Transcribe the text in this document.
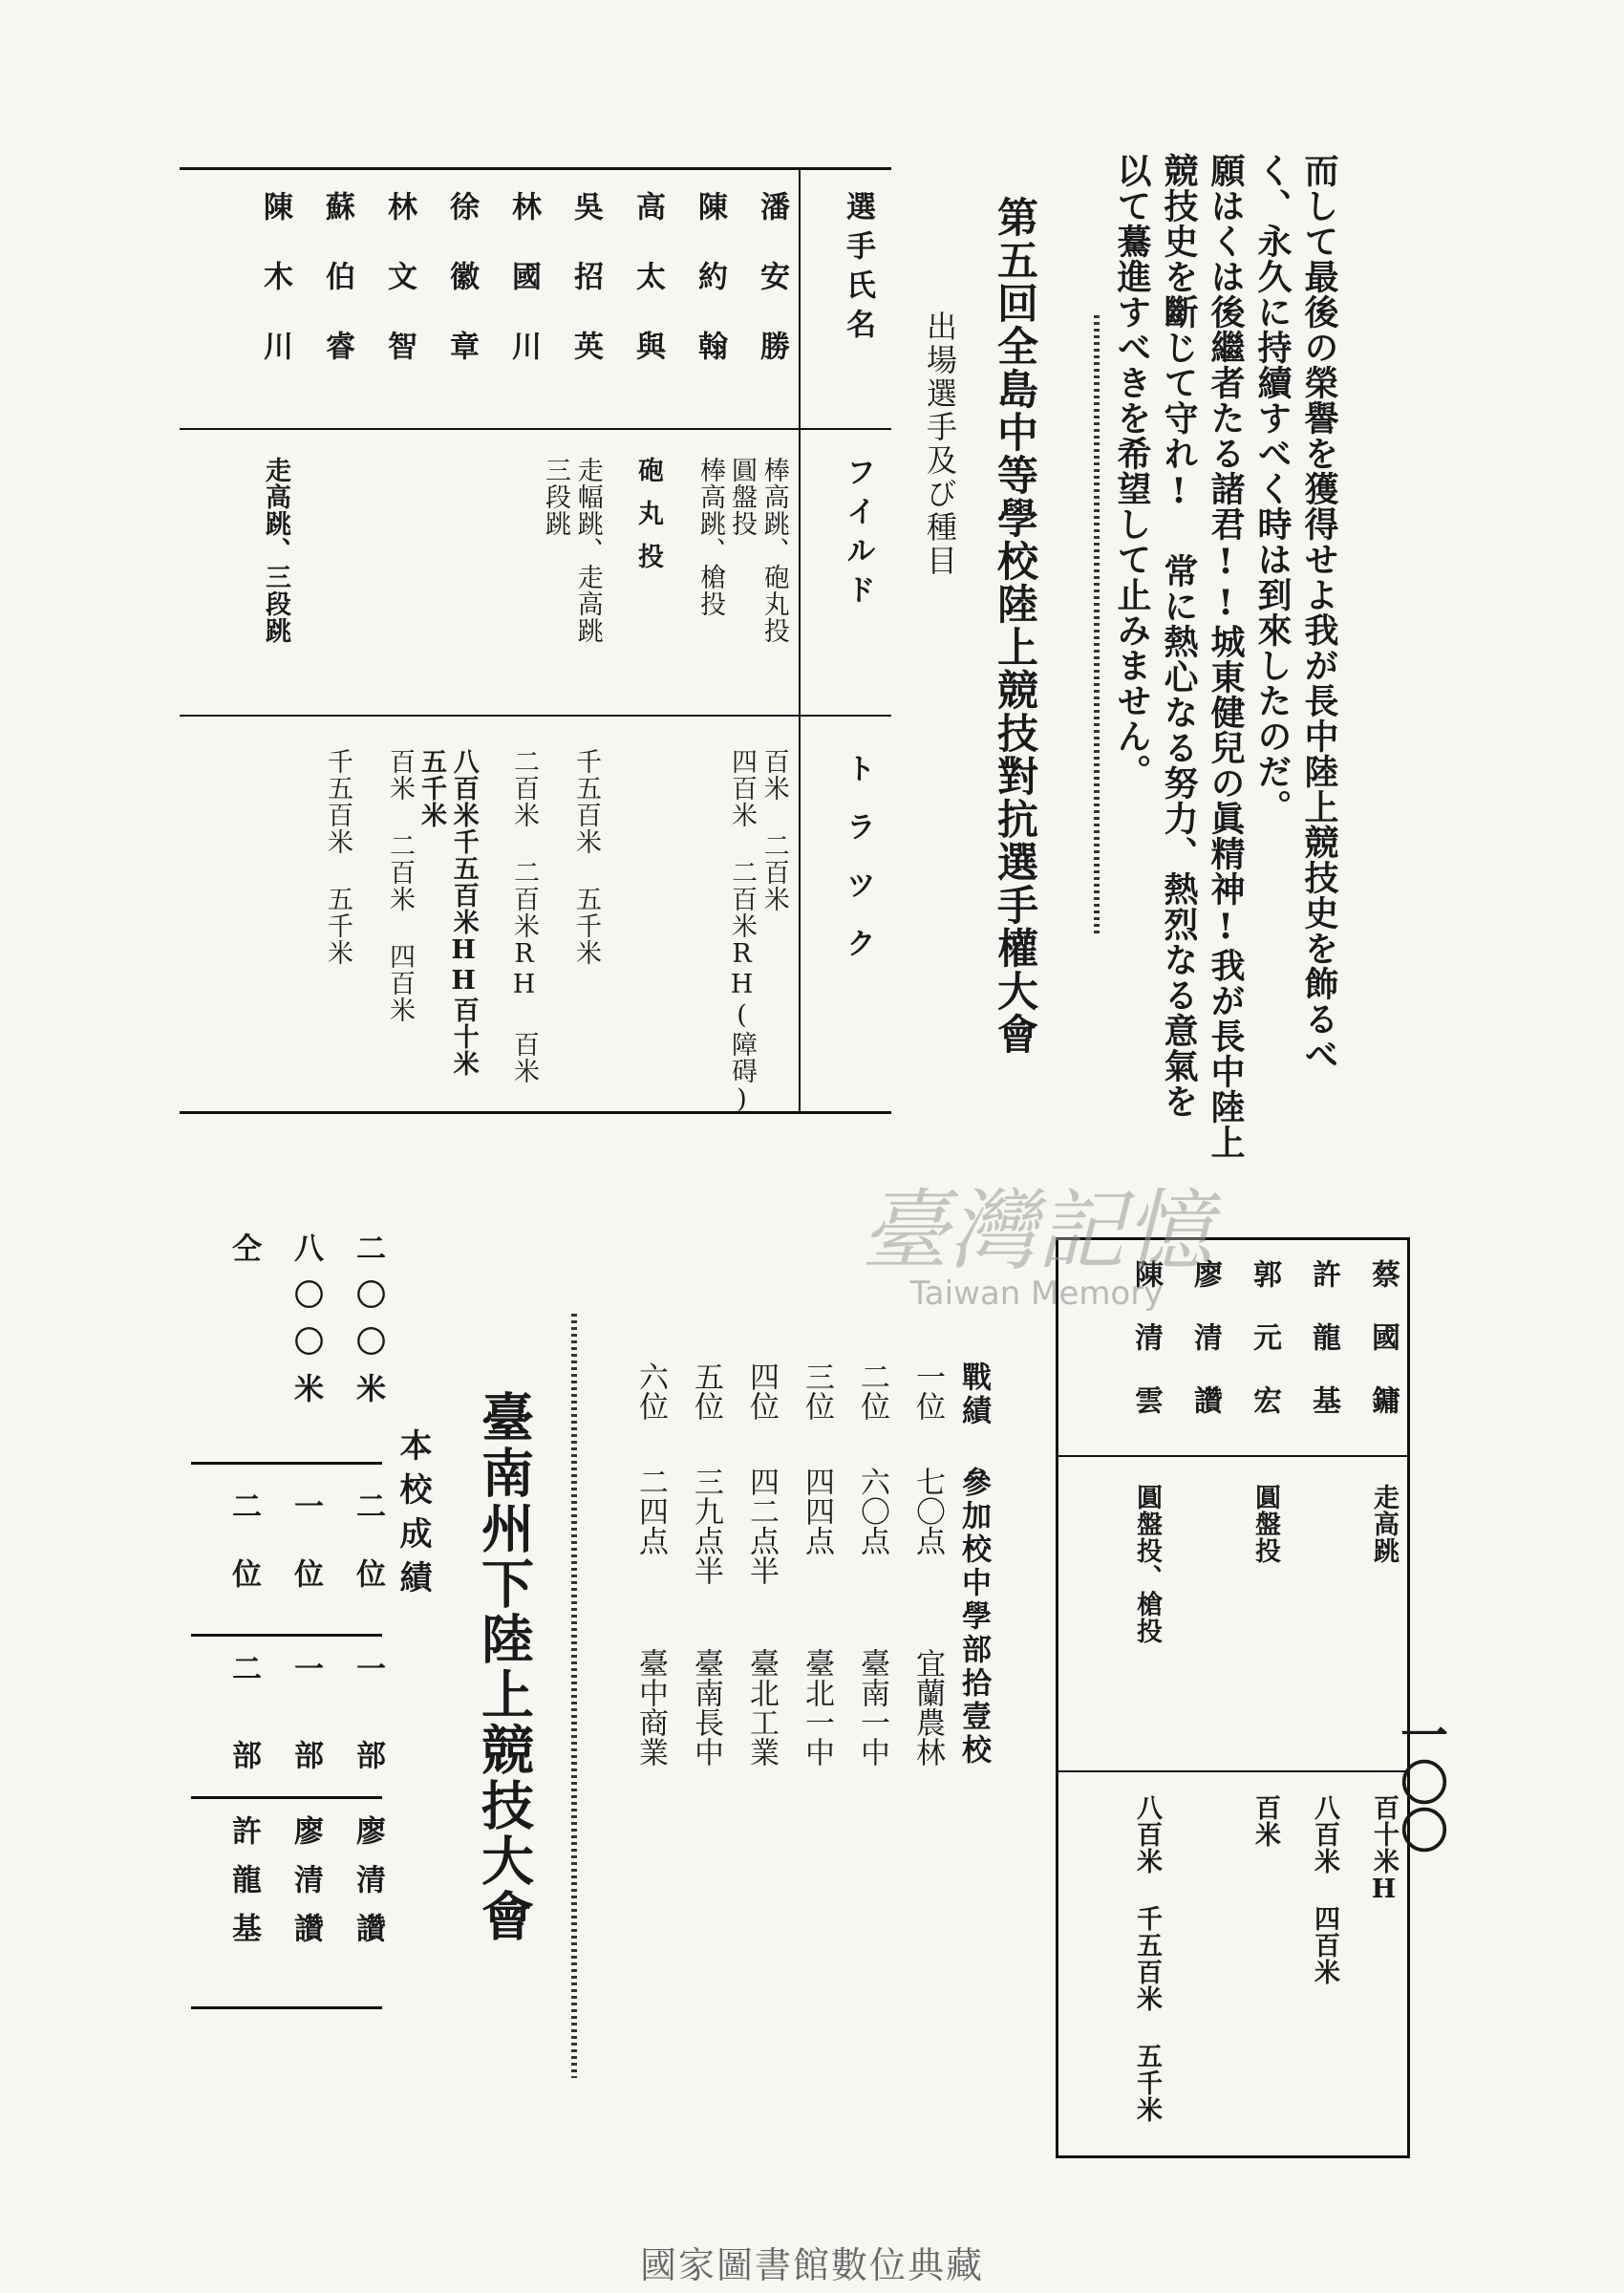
而して最後の榮譽を獲得せよ我が長中陸上競技史を飾るべ

く、永久に持續すべく時は到來したのだ。

願はくは後繼者たる諸君!!城東健兒の眞精神!我が長中陸上

競技史を斷じて守れ! 常に熱心なる努力、熱烈なる意氣を

以て驀進すべきを希望して止みません。

第五回全島中等學校陸上競技對抗選手權大會
出場選手及び種目
選手氏名
フイルド
トラツク
潘安勝
棒高跳、砲丸投
圓盤投
百米 二百米
四百米 二百米RH(障碍)
陳約翰
棒高跳、槍投
高太與
砲丸投
吳招英
走幅跳、走高跳
三段跳
千五百米 五千米
林國川
二百米 二百米RH 百米
徐徽章
八百米千五百米HH百十米
五千米
林文智
百米 二百米 四百米
蘇伯睿
千五百米 五千米
陳木川
走高跳、三段跳
蔡國鏞
走高跳
百十米H
許龍基
八百米 四百米
郭元宏
圓盤投
百米
廖清讚
陳清雲
圓盤投、槍投
八百米 千五百米 五千米
臺灣記憶
Taiwan Memory
戰績 參加校中學部拾壹校
一位
七〇点
宜蘭農林
二位
六〇点
臺南一中
三位
四四点
臺北一中
四位
四二点半
臺北工業
五位
三九点半
臺南長中
六位
二四点
臺中商業
臺南州下陸上競技大會
本校成績
二〇〇米
二位
一部
廖清讚
八〇〇米
一位
一部
廖清讚
仝
二位
二部
許龍基
一〇〇
國家圖書館數位典藏
